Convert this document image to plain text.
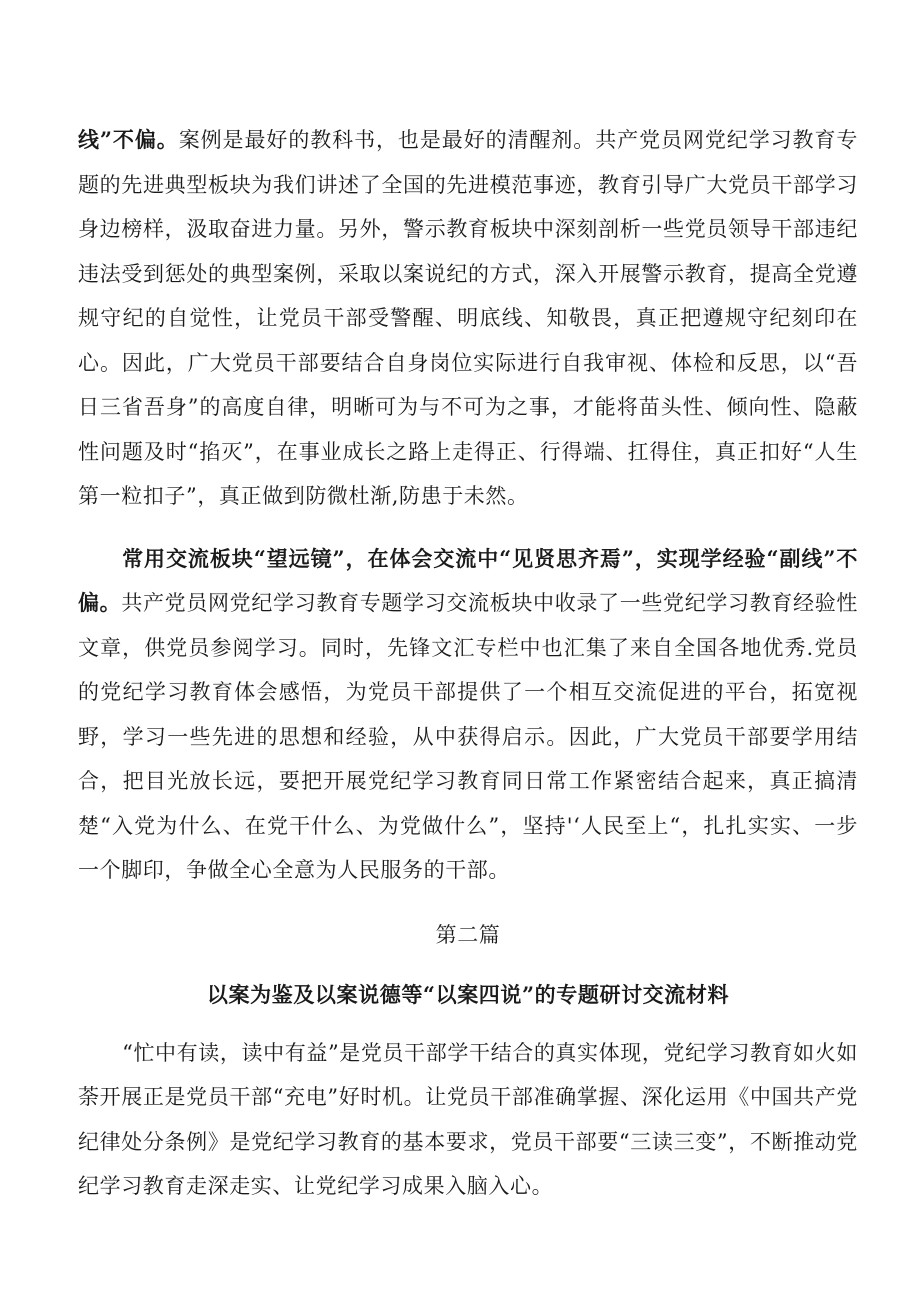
线”不偏。案例是最好的教科书，也是最好的清醒剂。共产党员网党纪学习教育专题的先进典型板块为我们讲述了全国的先进模范事迹，教育引导广大党员干部学习身边榜样，汲取奋进力量。另外，警示教育板块中深刻剖析一些党员领导干部违纪违法受到惩处的典型案例，采取以案说纪的方式，深入开展警示教育，提高全党遵规守纪的自觉性，让党员干部受警醒、明底线、知敬畏，真正把遵规守纪刻印在心。因此，广大党员干部要结合自身岗位实际进行自我审视、体检和反思，以“吾日三省吾身”的高度自律，明晰可为与不可为之事，才能将苗头性、倾向性、隐蔽性问题及时“掐灭”，在事业成长之路上走得正、行得端、扛得住，真正扣好“人生第一粒扣子”，真正做到防微杜渐,防患于未然。

常用交流板块“望远镜”，在体会交流中“见贤思齐焉”，实现学经验“副线”不偏。共产党员网党纪学习教育专题学习交流板块中收录了一些党纪学习教育经验性文章，供党员参阅学习。同时，先锋文汇专栏中也汇集了来自全国各地优秀.党员的党纪学习教育体会感悟，为党员干部提供了一个相互交流促进的平台，拓宽视野，学习一些先进的思想和经验，从中获得启示。因此，广大党员干部要学用结合，把目光放长远，要把开展党纪学习教育同日常工作紧密结合起来，真正搞清楚“入党为什么、在党干什么、为党做什么”，坚持'‘人民至上“，扎扎实实、一步一个脚印，争做全心全意为人民服务的干部。

第二篇
以案为鉴及以案说德等“以案四说”的专题研讨交流材料

“忙中有读，读中有益”是党员干部学干结合的真实体现，党纪学习教育如火如荼开展正是党员干部“充电”好时机。让党员干部准确掌握、深化运用《中国共产党纪律处分条例》是党纪学习教育的基本要求，党员干部要“三读三变”，不断推动党纪学习教育走深走实、让党纪学习成果入脑入心。
